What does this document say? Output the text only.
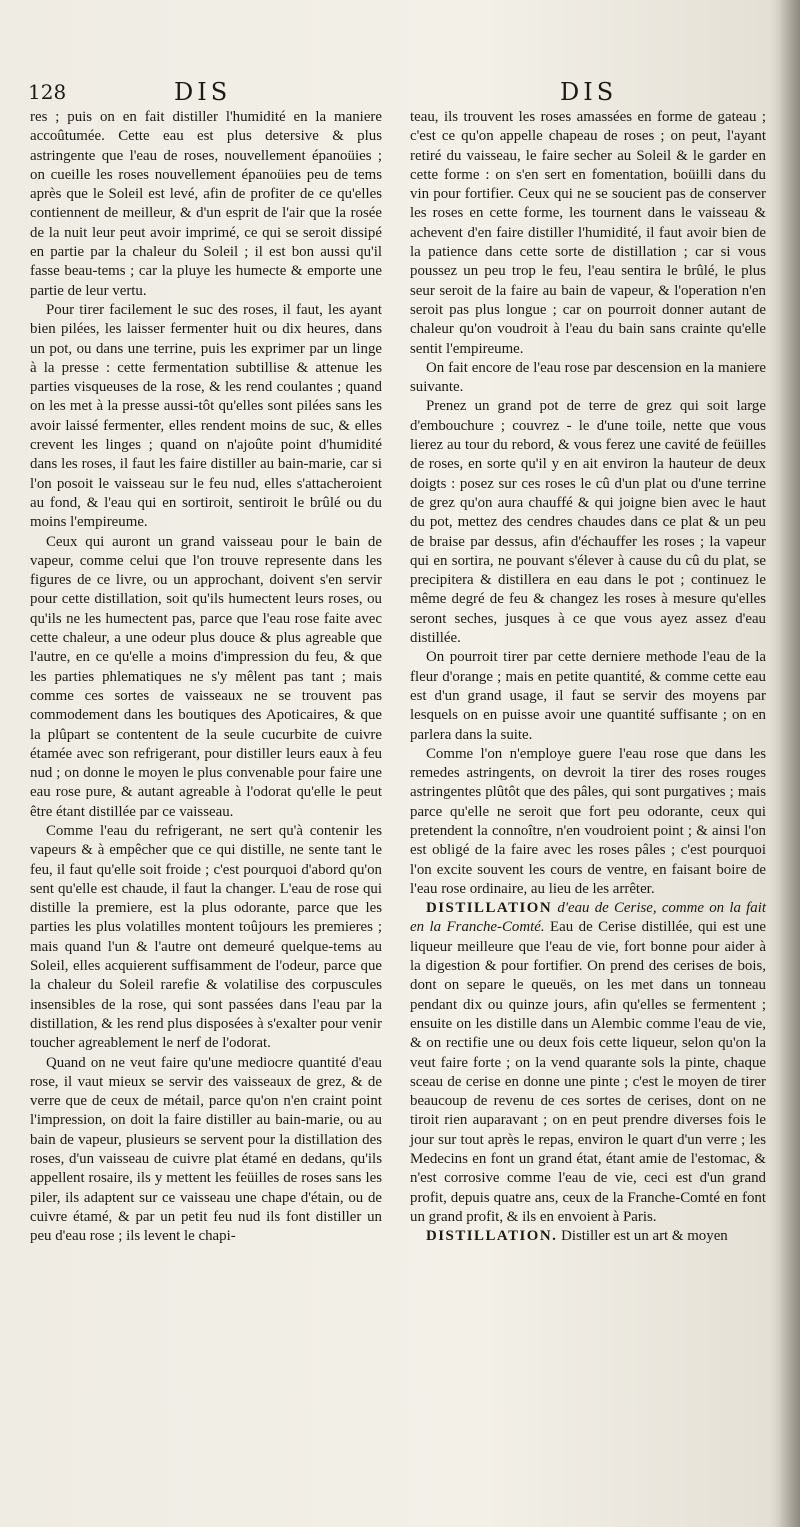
128	DIS	DIS

res ; puis on en fait distiller l'humidité en la maniere accoûtumée. Cette eau est plus detersive & plus astringente que l'eau de roses, nouvellement épanoüies ; on cueille les roses nouvellement épanoüies peu de tems après que le Soleil est levé, afin de profiter de ce qu'elles contiennent de meilleur, & d'un esprit de l'air que la rosée de la nuit leur peut avoir imprimé, ce qui se seroit dissipé en partie par la chaleur du Soleil ; il est bon aussi qu'il fasse beau-tems ; car la pluye les humecte & emporte une partie de leur vertu.

Pour tirer facilement le suc des roses, il faut, les ayant bien pilées, les laisser fermenter huit ou dix heures, dans un pot, ou dans une terrine, puis les exprimer par un linge à la presse : cette fermentation subtillise & attenue les parties visqueuses de la rose, & les rend coulantes ; quand on les met à la presse aussi-tôt qu'elles sont pilées sans les avoir laissé fermenter, elles rendent moins de suc, & elles crevent les linges ; quand on n'ajoûte point d'humidité dans les roses, il faut les faire distiller au bain-marie, car si l'on posoit le vaisseau sur le feu nud, elles s'attacheroient au fond, & l'eau qui en sortiroit, sentiroit le brûlé ou du moins l'empireume.

Ceux qui auront un grand vaisseau pour le bain de vapeur, comme celui que l'on trouve represente dans les figures de ce livre, ou un approchant, doivent s'en servir pour cette distillation, soit qu'ils humectent leurs roses, ou qu'ils ne les humectent pas, parce que l'eau rose faite avec cette chaleur, a une odeur plus douce & plus agreable que l'autre, en ce qu'elle a moins d'impression du feu, & que les parties phlematiques ne s'y mêlent pas tant ; mais comme ces sortes de vaisseaux ne se trouvent pas commodement dans les boutiques des Apoticaires, & que la plûpart se contentent de la seule cucurbite de cuivre étamée avec son refrigerant, pour distiller leurs eaux à feu nud ; on donne le moyen le plus convenable pour faire une eau rose pure, & autant agreable à l'odorat qu'elle le peut être étant distillée par ce vaisseau.

Comme l'eau du refrigerant, ne sert qu'à contenir les vapeurs & à empêcher que ce qui distille, ne sente tant le feu, il faut qu'elle soit froide ; c'est pourquoi d'abord qu'on sent qu'elle est chaude, il faut la changer. L'eau de rose qui distille la premiere, est la plus odorante, parce que les parties les plus volatilles montent toûjours les premieres ; mais quand l'un & l'autre ont demeuré quelque-tems au Soleil, elles acquierent suffisamment de l'odeur, parce que la chaleur du Soleil rarefie & volatilise des corpuscules insensibles de la rose, qui sont passées dans l'eau par la distillation, & les rend plus disposées à s'exalter pour venir toucher agreablement le nerf de l'odorat.

Quand on ne veut faire qu'une mediocre quantité d'eau rose, il vaut mieux se servir des vaisseaux de grez, & de verre que de ceux de métail, parce qu'on n'en craint point l'impression, on doit la faire distiller au bain-marie, ou au bain de vapeur, plusieurs se servent pour la distillation des roses, d'un vaisseau de cuivre plat étamé en dedans, qu'ils appellent rosaire, ils y mettent les feüilles de roses sans les piler, ils adaptent sur ce vaisseau une chape d'étain, ou de cuivre étamé, & par un petit feu nud ils font distiller un peu d'eau rose ; ils levent le chapi-

teau, ils trouvent les roses amassées en forme de gateau ; c'est ce qu'on appelle chapeau de roses ; on peut, l'ayant retiré du vaisseau, le faire secher au Soleil & le garder en cette forme : on s'en sert en fomentation, boüilli dans du vin pour fortifier. Ceux qui ne se soucient pas de conserver les roses en cette forme, les tournent dans le vaisseau & achevent d'en faire distiller l'humidité, il faut avoir bien de la patience dans cette sorte de distillation ; car si vous poussez un peu trop le feu, l'eau sentira le brûlé, le plus seur seroit de la faire au bain de vapeur, & l'operation n'en seroit pas plus longue ; car on pourroit donner autant de chaleur qu'on voudroit à l'eau du bain sans crainte qu'elle sentit l'empireume.

On fait encore de l'eau rose par descension en la maniere suivante.

Prenez un grand pot de terre de grez qui soit large d'embouchure ; couvrez - le d'une toile, nette que vous lierez au tour du rebord, & vous ferez une cavité de feüilles de roses, en sorte qu'il y en ait environ la hauteur de deux doigts : posez sur ces roses le cû d'un plat ou d'une terrine de grez qu'on aura chauffé & qui joigne bien avec le haut du pot, mettez des cendres chaudes dans ce plat & un peu de braise par dessus, afin d'échauffer les roses ; la vapeur qui en sortira, ne pouvant s'élever à cause du cû du plat, se precipitera & distillera en eau dans le pot ; continuez le même degré de feu & changez les roses à mesure qu'elles seront seches, jusques à ce que vous ayez assez d'eau distillée.

On pourroit tirer par cette derniere methode l'eau de la fleur d'orange ; mais en petite quantité, & comme cette eau est d'un grand usage, il faut se servir des moyens par lesquels on en puisse avoir une quantité suffisante ; on en parlera dans la suite.

Comme l'on n'employe guere l'eau rose que dans les remedes astringents, on devroit la tirer des roses rouges astringentes plûtôt que des pâles, qui sont purgatives ; mais parce qu'elle ne seroit que fort peu odorante, ceux qui pretendent la connoître, n'en voudroient point ; & ainsi l'on est obligé de la faire avec les roses pâles ; c'est pourquoi l'on excite souvent les cours de ventre, en faisant boire de l'eau rose ordinaire, au lieu de les arrêter.

DISTILLATION d'eau de Cerise, comme on la fait en la Franche-Comté. Eau de Cerise distillée, qui est une liqueur meilleure que l'eau de vie, fort bonne pour aider à la digestion & pour fortifier. On prend des cerises de bois, dont on separe le queuës, on les met dans un tonneau pendant dix ou quinze jours, afin qu'elles se fermentent ; ensuite on les distille dans un Alembic comme l'eau de vie, & on rectifie une ou deux fois cette liqueur, selon qu'on la veut faire forte ; on la vend quarante sols la pinte, chaque sceau de cerise en donne une pinte ; c'est le moyen de tirer beaucoup de revenu de ces sortes de cerises, dont on ne tiroit rien auparavant ; on en peut prendre diverses fois le jour sur tout après le repas, environ le quart d'un verre ; les Medecins en font un grand état, étant amie de l'estomac, & n'est corrosive comme l'eau de vie, ceci est d'un grand profit, depuis quatre ans, ceux de la Franche-Comté en font un grand profit, & ils en envoient à Paris.

DISTILLATION. Distiller est un art & moyen
